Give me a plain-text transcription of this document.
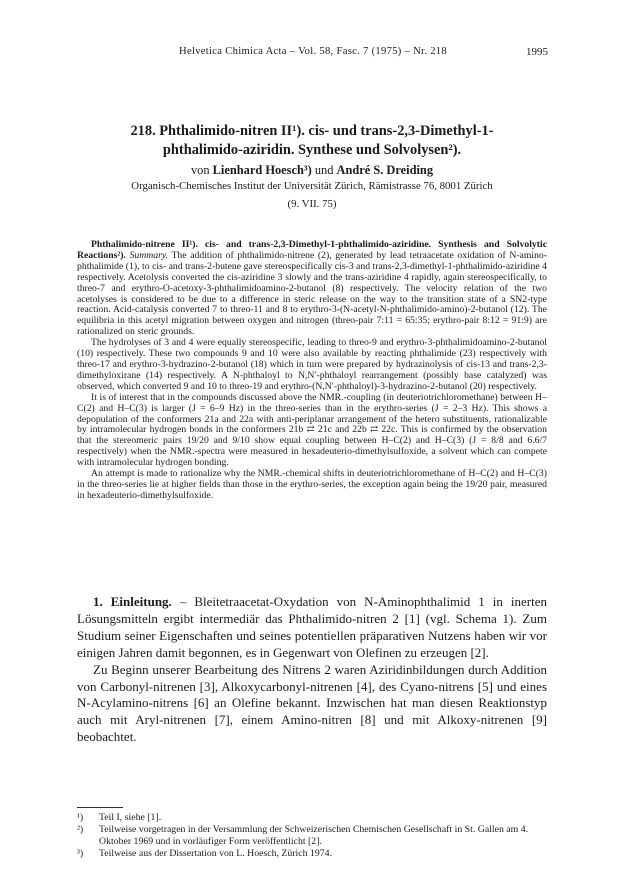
Helvetica Chimica Acta – Vol. 58, Fasc. 7 (1975) – Nr. 218	1995
218. Phthalimido-nitren II¹). cis- und trans-2,3-Dimethyl-1-
phthalimido-aziridin. Synthese und Solvolysen²).
von Lienhard Hoesch³) und André S. Dreiding
Organisch-Chemisches Institut der Universität Zürich, Rämistrasse 76, 8001 Zürich
(9. VII. 75)

Phthalimido-nitrene II¹). cis- and trans-2,3-Dimethyl-1-phthalimido-aziridine. Synthesis and Solvolytic Reactions²). Summary. The addition of phthalimido-nitrene (2), generated by lead tetraacetate oxidation of N-amino-phthalimide (1), to cis- and trans-2-butene gave stereospecifically cis-3 and trans-2,3-dimethyl-1-phthalimido-aziridine 4 respectively. Acetolysis converted the cis-aziridine 3 slowly and the trans-aziridine 4 rapidly, again stereospecifically, to threo-7 and erythro-O-acetoxy-3-phthalimidoamino-2-butanol (8) respectively. The velocity relation of the two acetolyses is considered to be due to a difference in steric release on the way to the transition state of a SN2-type reaction. Acid-catalysis converted 7 to threo-11 and 8 to erythro-3-(N-acetyl-N-phthalimido-amino)-2-butanol (12). The equilibria in this acetyl migration between oxygen and nitrogen (threo-pair 7:11 = 65:35; erythro-pair 8:12 = 91:9) are rationalized on steric grounds.

The hydrolyses of 3 and 4 were equally stereospecific, leading to threo-9 and erythro-3-phthalimidoamino-2-butanol (10) respectively. These two compounds 9 and 10 were also available by reacting phthalimide (23) respectively with threo-17 and erythro-3-hydrazino-2-butanol (18) which in turn were prepared by hydrazinolysis of cis-13 and trans-2,3-dimethyloxirane (14) respectively. A N-phthaloyl to N,N′-phthaloyl rearrangement (possibly base catalyzed) was observed, which converted 9 and 10 to threo-19 and erythro-(N,N′-phthaloyl)-3-hydrazino-2-butanol (20) respectively.

It is of interest that in the compounds discussed above the NMR.-coupling (in deuteriotrichloromethane) between H–C(2) and H–C(3) is larger (J = 6–9 Hz) in the threo-series than in the erythro-series (J = 2–3 Hz). This shows a depopulation of the conformers 21a and 22a with anti-periplanar arrangement of the hetero substituents, rationalizable by intramolecular hydrogen bonds in the conformers 21b ⇄ 21c and 22b ⇄ 22c. This is confirmed by the observation that the stereomeric pairs 19/20 and 9/10 show equal coupling between H–C(2) and H–C(3) (J = 8/8 and 6.6/7 respectively) when the NMR.-spectra were measured in hexadeuterio-dimethylsulfoxide, a solvent which can compete with intramolecular hydrogen bonding.

An attempt is made to rationalize why the NMR.-chemical shifts in deuteriotrichloromethane of H–C(2) and H–C(3) in the threo-series lie at higher fields than those in the erythro-series, the exception again being the 19/20 pair, measured in hexadeuterio-dimethylsulfoxide.

1. Einleitung. – Bleitetraacetat-Oxydation von N-Aminophthalimid 1 in inerten Lösungsmitteln ergibt intermediär das Phthalimido-nitren 2 [1] (vgl. Schema 1). Zum Studium seiner Eigenschaften und seines potentiellen präparativen Nutzens haben wir vor einigen Jahren damit begonnen, es in Gegenwart von Olefinen zu erzeugen [2].

Zu Beginn unserer Bearbeitung des Nitrens 2 waren Aziridinbildungen durch Addition von Carbonyl-nitrenen [3], Alkoxycarbonyl-nitrenen [4], des Cyano-nitrens [5] und eines N-Acylamino-nitrens [6] an Olefine bekannt. Inzwischen hat man diesen Reaktionstyp auch mit Aryl-nitrenen [7], einem Amino-nitren [8] und mit Alkoxy-nitrenen [9] beobachtet.

¹)	Teil I, siehe [1].
²)	Teilweise vorgetragen in der Versammlung der Schweizerischen Chemischen Gesellschaft in St. Gallen am 4. Oktober 1969 und in vorläufiger Form veröffentlicht [2].
³)	Teilweise aus der Dissertation von L. Hoesch, Zürich 1974.
